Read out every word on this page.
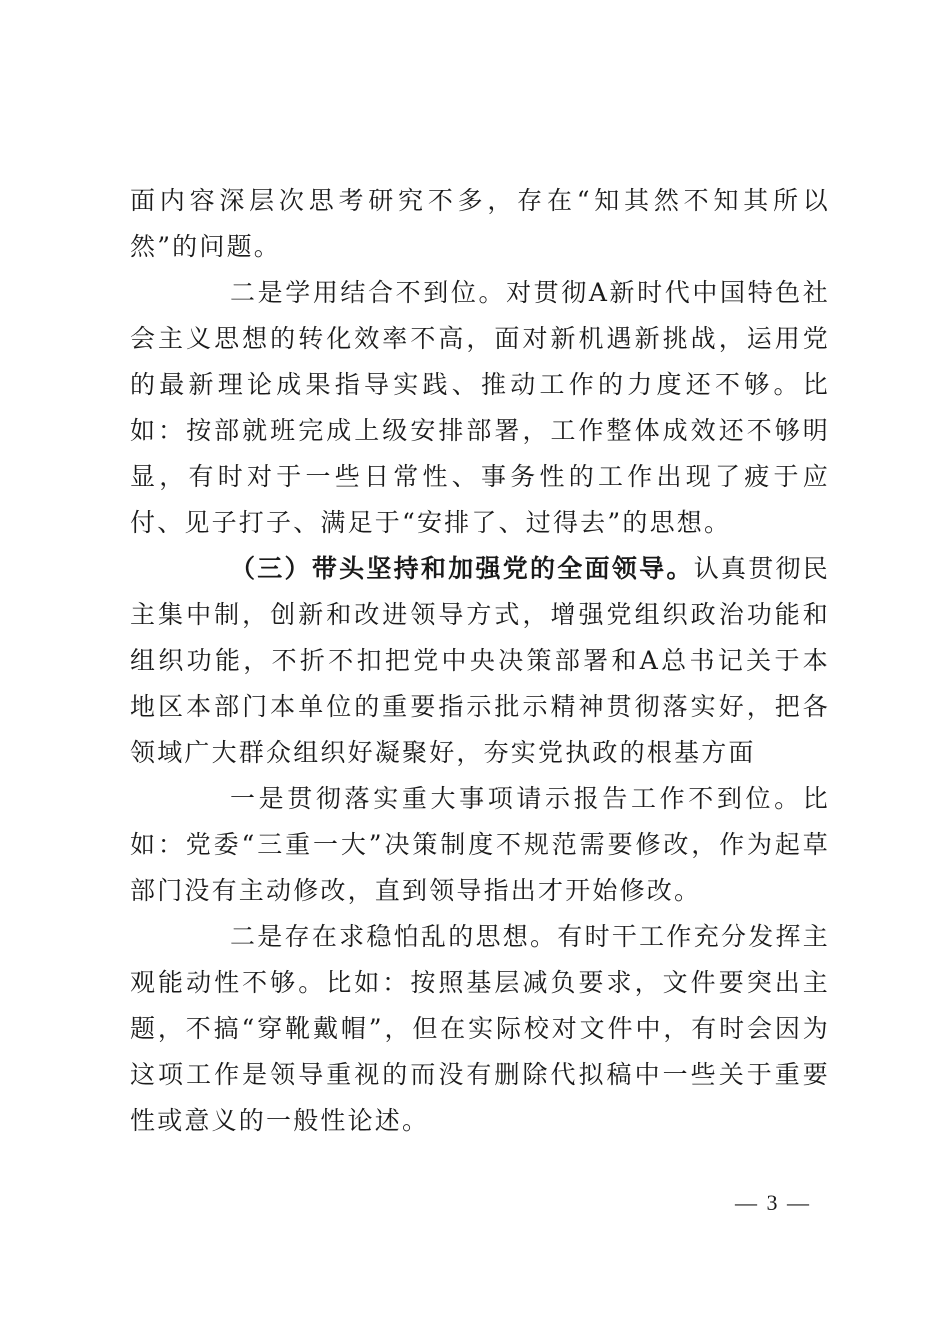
面内容深层次思考研究不多，存在“知其然不知其所以然”的问题。

二是学用结合不到位。对贯彻A新时代中国特色社会主义思想的转化效率不高，面对新机遇新挑战，运用党的最新理论成果指导实践、推动工作的力度还不够。比如：按部就班完成上级安排部署，工作整体成效还不够明显，有时对于一些日常性、事务性的工作出现了疲于应付、见子打子、满足于“安排了、过得去”的思想。

（三）带头坚持和加强党的全面领导。认真贯彻民主集中制，创新和改进领导方式，增强党组织政治功能和组织功能，不折不扣把党中央决策部署和A总书记关于本地区本部门本单位的重要指示批示精神贯彻落实好，把各领域广大群众组织好凝聚好，夯实党执政的根基方面

一是贯彻落实重大事项请示报告工作不到位。比如：党委“三重一大”决策制度不规范需要修改，作为起草部门没有主动修改，直到领导指出才开始修改。

二是存在求稳怕乱的思想。有时干工作充分发挥主观能动性不够。比如：按照基层减负要求，文件要突出主题，不搞“穿靴戴帽”，但在实际校对文件中，有时会因为这项工作是领导重视的而没有删除代拟稿中一些关于重要性或意义的一般性论述。

— 3 —
